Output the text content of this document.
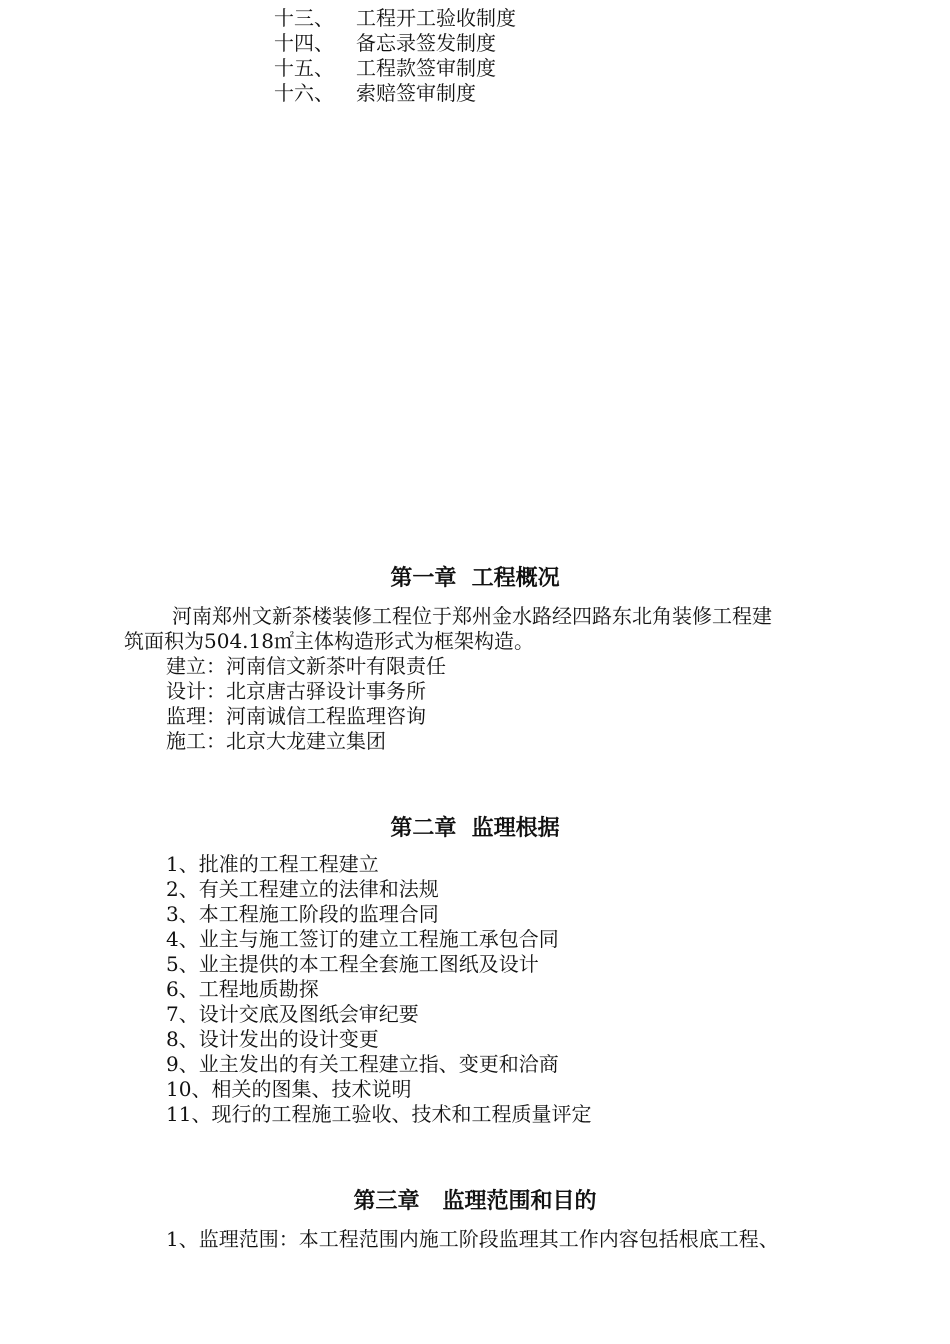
十三、 工程开工验收制度
十四、 备忘录签发制度
十五、 工程款签审制度
十六、 索赔签审制度
第一章  工程概况
河南郑州文新茶楼装修工程位于郑州金水路经四路东北角装修工程建
筑面积为504.18㎡主体构造形式为框架构造。
建立：河南信文新茶叶有限责任
设计：北京唐古驿设计事务所
监理：河南诚信工程监理咨询
施工：北京大龙建立集团
第二章  监理根据
1、批准的工程工程建立
2、有关工程建立的法律和法规
3、本工程施工阶段的监理合同
4、业主与施工签订的建立工程施工承包合同
5、业主提供的本工程全套施工图纸及设计
6、工程地质勘探
7、设计交底及图纸会审纪要
8、设计发出的设计变更
9、业主发出的有关工程建立指、变更和洽商
10、相关的图集、技术说明
11、现行的工程施工验收、技术和工程质量评定
第三章   监理范围和目的
1、监理范围：本工程范围内施工阶段监理其工作内容包括根底工程、
